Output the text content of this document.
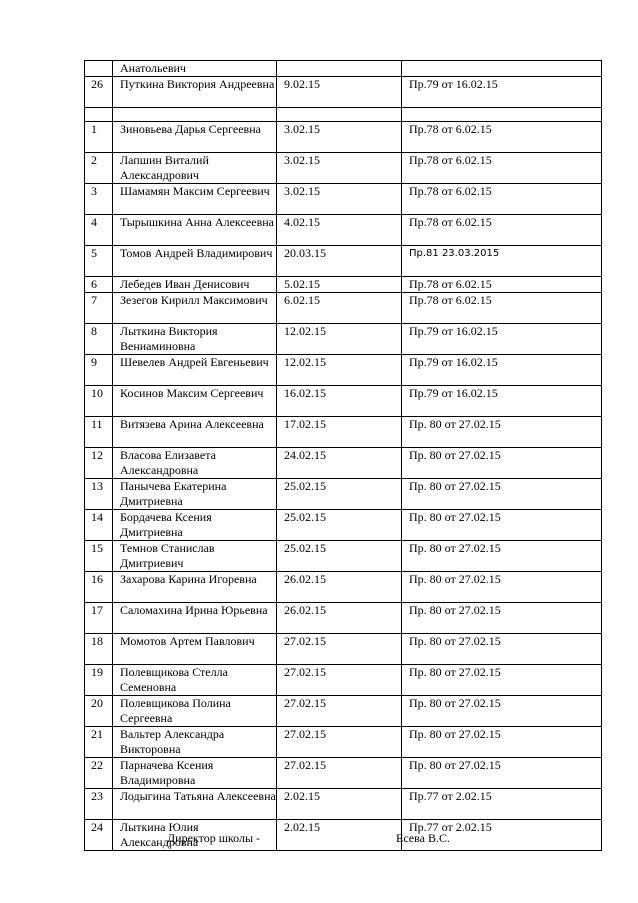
	Анатольевич		
26	Путкина Виктория Андреевна	9.02.15	Пр.79 от 16.02.15

1	Зиновьева Дарья Сергеевна	3.02.15	Пр.78 от 6.02.15
2	Лапшин Виталий Александрович	3.02.15	Пр.78 от 6.02.15
3	Шамамян Максим Сергеевич	3.02.15	Пр.78 от 6.02.15
4	Тырышкина Анна Алексеевна	4.02.15	Пр.78 от 6.02.15
5	Томов Андрей Владимирович	20.03.15	Пр.81 23.03.2015
6	Лебедев Иван Денисович	5.02.15	Пр.78 от 6.02.15
7	Зезегов Кирилл Максимович	6.02.15	Пр.78 от 6.02.15
8	Лыткина Виктория Вениаминовна	12.02.15	Пр.79 от 16.02.15
9	Шевелев Андрей Евгеньевич	12.02.15	Пр.79 от 16.02.15
10	Косинов Максим Сергеевич	16.02.15	Пр.79 от 16.02.15
11	Витязева Арина Алексеевна	17.02.15	Пр. 80 от 27.02.15
12	Власова Елизавета Александровна	24.02.15	Пр. 80 от 27.02.15
13	Панычева Екатерина Дмитриевна	25.02.15	Пр. 80 от 27.02.15
14	Бордачева Ксения Дмитриевна	25.02.15	Пр. 80 от 27.02.15
15	Темнов Станислав Дмитриевич	25.02.15	Пр. 80 от 27.02.15
16	Захарова Карина Игоревна	26.02.15	Пр. 80 от 27.02.15
17	Саломахина Ирина Юрьевна	26.02.15	Пр. 80 от 27.02.15
18	Момотов Артем Павлович	27.02.15	Пр. 80 от 27.02.15
19	Полевщикова Стелла Семеновна	27.02.15	Пр. 80 от 27.02.15
20	Полевщикова Полина Сергеевна	27.02.15	Пр. 80 от 27.02.15
21	Вальтер Александра Викторовна	27.02.15	Пр. 80 от 27.02.15
22	Парначева Ксения Владимировна	27.02.15	Пр. 80 от 27.02.15
23	Лодыгина Татьяна Алексеевна	2.02.15	Пр.77 от 2.02.15
24	Лыткина Юлия Александровна	2.02.15	Пр.77 от 2.02.15
Директор школы -	Есева В.С.
